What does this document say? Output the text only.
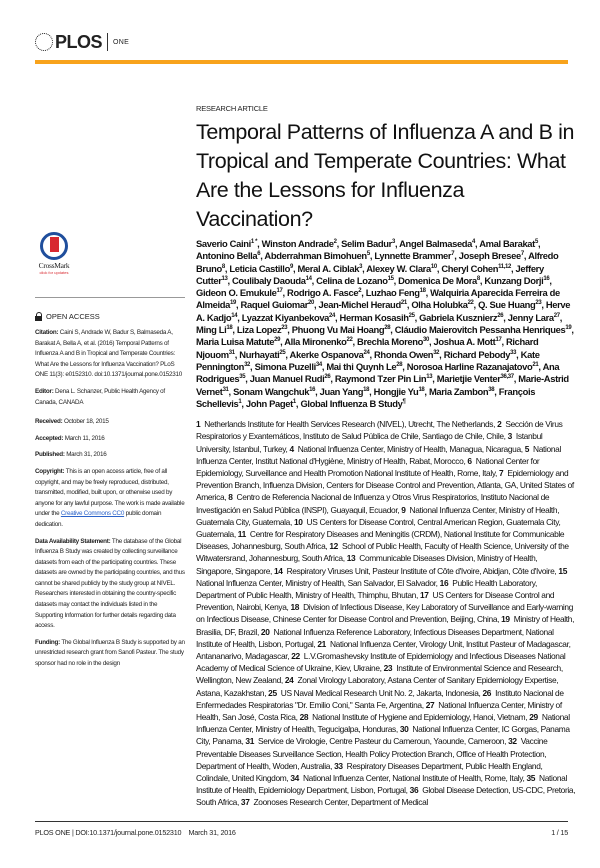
PLOS ONE
CrossMark
click for updates
OPEN ACCESS
Citation: Caini S, Andrade W, Badur S, Balmaseda A, Barakat A, Bella A, et al. (2016) Temporal Patterns of Influenza A and B in Tropical and Temperate Countries: What Are the Lessons for Influenza Vaccination? PLoS ONE 11(3): e0152310. doi:10.1371/journal.pone.0152310
Editor: Dena L. Schanzer, Public Health Agency of Canada, CANADA
Received: October 18, 2015
Accepted: March 11, 2016
Published: March 31, 2016
Copyright: This is an open access article, free of all copyright, and may be freely reproduced, distributed, transmitted, modified, built upon, or otherwise used by anyone for any lawful purpose. The work is made available under the Creative Commons CC0 public domain dedication.
Data Availability Statement: The database of the Global Influenza B Study was created by collecting surveillance datasets from each of the participating countries. These datasets are owned by the participating countries, and thus cannot be shared publicly by the study group at NIVEL. Researchers interested in obtaining the country-specific datasets may contact the individuals listed in the Supporting Information for further details regarding data access.
Funding: The Global Influenza B Study is supported by an unrestricted research grant from Sanofi Pasteur. The study sponsor had no role in the design
RESEARCH ARTICLE
Temporal Patterns of Influenza A and B in Tropical and Temperate Countries: What Are the Lessons for Influenza Vaccination?
Saverio Caini$^{1 *}$, Winston Andrade$^2$, Selim Badur$^3$, Angel Balmaseda$^4$, Amal Barakat$^5$, Antonino Bella$^6$, Abderrahman Bimohuen$^5$, Lynnette Brammer$^7$, Joseph Bresee$^7$, Alfredo Bruno$^8$, Leticia Castillo$^9$, Meral A. Ciblak$^3$, Alexey W. Clara$^{10}$, Cheryl Cohen$^{11,12}$, Jeffery Cutter$^{13}$, Coulibaly Daouda$^{14}$, Celina de Lozano$^{15}$, Domenica De Mora$^8$, Kunzang Dorji$^{16}$, Gideon O. Emukule$^{17}$, Rodrigo A. Fasce$^2$, Luzhao Feng$^{18}$, Walquiria Aparecida Ferreira de Almeida$^{19}$, Raquel Guiomar$^{20}$, Jean-Michel Heraud$^{21}$, Olha Holubka$^{22}$, Q. Sue Huang$^{23}$, Herve A. Kadjo$^{14}$, Lyazzat Kiyanbekova$^{24}$, Herman Kosasih$^{25}$, Gabriela Kusznierz$^{26}$, Jenny Lara$^{27}$, Ming Li$^{18}$, Liza Lopez$^{23}$, Phuong Vu Mai Hoang$^{28}$, Cláudio Maierovitch Pessanha Henriques$^{19}$, Maria Luisa Matute$^{29}$, Alla Mironenko$^{22}$, Brechla Moreno$^{30}$, Joshua A. Mott$^{17}$, Richard Njouom$^{31}$, Nurhayati$^{25}$, Akerke Ospanova$^{24}$, Rhonda Owen$^{32}$, Richard Pebody$^{33}$, Kate Pennington$^{32}$, Simona Puzelli$^{34}$, Mai thi Quynh Le$^{28}$, Norosoa Harline Razanajatovo$^{21}$, Ana Rodrigues$^{35}$, Juan Manuel Rudi$^{26}$, Raymond Tzer Pin Lin$^{13}$, Marietjie Venter$^{36,37}$, Marie-Astrid Vernet$^{31}$, Sonam Wangchuk$^{16}$, Juan Yang$^{18}$, Hongjie Yu$^{18}$, Maria Zambon$^{38}$, François Schellevis$^1$, John Paget$^1$, Global Influenza B Study¶
1 Netherlands Institute for Health Services Research (NIVEL), Utrecht, The Netherlands, 2 Sección de Virus Respiratorios y Exantemáticos, Instituto de Salud Pública de Chile, Santiago de Chile, Chile, 3 Istanbul University, Istanbul, Turkey, 4 National Influenza Center, Ministry of Health, Managua, Nicaragua, 5 National Influenza Center, Institut National d'Hygiène, Ministry of Health, Rabat, Morocco, 6 National Center for Epidemiology, Surveillance and Health Promotion National Institute of Health, Rome, Italy, 7 Epidemiology and Prevention Branch, Influenza Division, Centers for Disease Control and Prevention, Atlanta, GA, United States of America, 8 Centro de Referencia Nacional de Influenza y Otros Virus Respiratorios, Instituto Nacional de Investigación en Salud Pública (INSPI), Guayaquil, Ecuador, 9 National Influenza Center, Ministry of Health, Guatemala City, Guatemala, 10 US Centers for Disease Control, Central American Region, Guatemala City, Guatemala, 11 Centre for Respiratory Diseases and Meningitis (CRDM), National Institute for Communicable Diseases, Johannesburg, South Africa, 12 School of Public Health, Faculty of Health Science, University of the Witwatersrand, Johannesburg, South Africa, 13 Communicable Diseases Division, Ministry of Health, Singapore, Singapore, 14 Respiratory Viruses Unit, Pasteur Institute of Côte d'Ivoire, Abidjan, Côte d'Ivoire, 15  National Influenza Center, Ministry of Health, San Salvador, El Salvador, 16 Public Health Laboratory, Department of Public Health, Ministry of Health, Thimphu, Bhutan, 17 US Centers for Disease Control and Prevention, Nairobi, Kenya, 18 Division of Infectious Disease, Key Laboratory of Surveillance and Early-warning on Infectious Disease, Chinese Center for Disease Control and Prevention, Beijing, China, 19 Ministry of Health, Brasilia, DF, Brazil, 20 National Influenza Reference Laboratory, Infectious Diseases Department, National Institute of Health, Lisbon, Portugal, 21 National Influenza Center, Virology Unit, Institut Pasteur of Madagascar, Antananarivo, Madagascar, 22 L.V.Gromashevsky Institute of Epidemiology and Infectious Diseases National Academy of Medical Science of Ukraine, Kiev, Ukraine, 23 Institute of Environmental Science and Research, Wellington, New Zealand, 24 Zonal Virology Laboratory, Astana Center of Sanitary Epidemiology Expertise, Astana, Kazakhstan, 25 US Naval Medical Research Unit No. 2, Jakarta, Indonesia, 26 Instituto Nacional de Enfermedades Respiratorias "Dr. Emilio Coni," Santa Fe, Argentina, 27 National Influenza Center, Ministry of Health, San José, Costa Rica, 28 National Institute of Hygiene and Epidemiology, Hanoi, Vietnam, 29 National Influenza Center, Ministry of Health, Tegucigalpa, Honduras, 30 National Influenza Center, IC Gorgas, Panama City, Panama, 31 Service de Virologie, Centre Pasteur du Cameroun, Yaounde, Cameroon, 32 Vaccine Preventable Diseases Surveillance Section, Health Policy Protection Branch, Office of Health Protection, Department of Health, Woden, Australia, 33 Respiratory Diseases Department, Public Health England, Colindale, United Kingdom, 34 National Influenza Center, National Institute of Health, Rome, Italy, 35 National Institute of Health, Epidemiology Department, Lisbon, Portugal, 36 Global Disease Detection, US-CDC, Pretoria, South Africa, 37 Zoonoses Research Center, Department of Medical
PLOS ONE | DOI:10.1371/journal.pone.0152310 March 31, 2016	1 / 15
